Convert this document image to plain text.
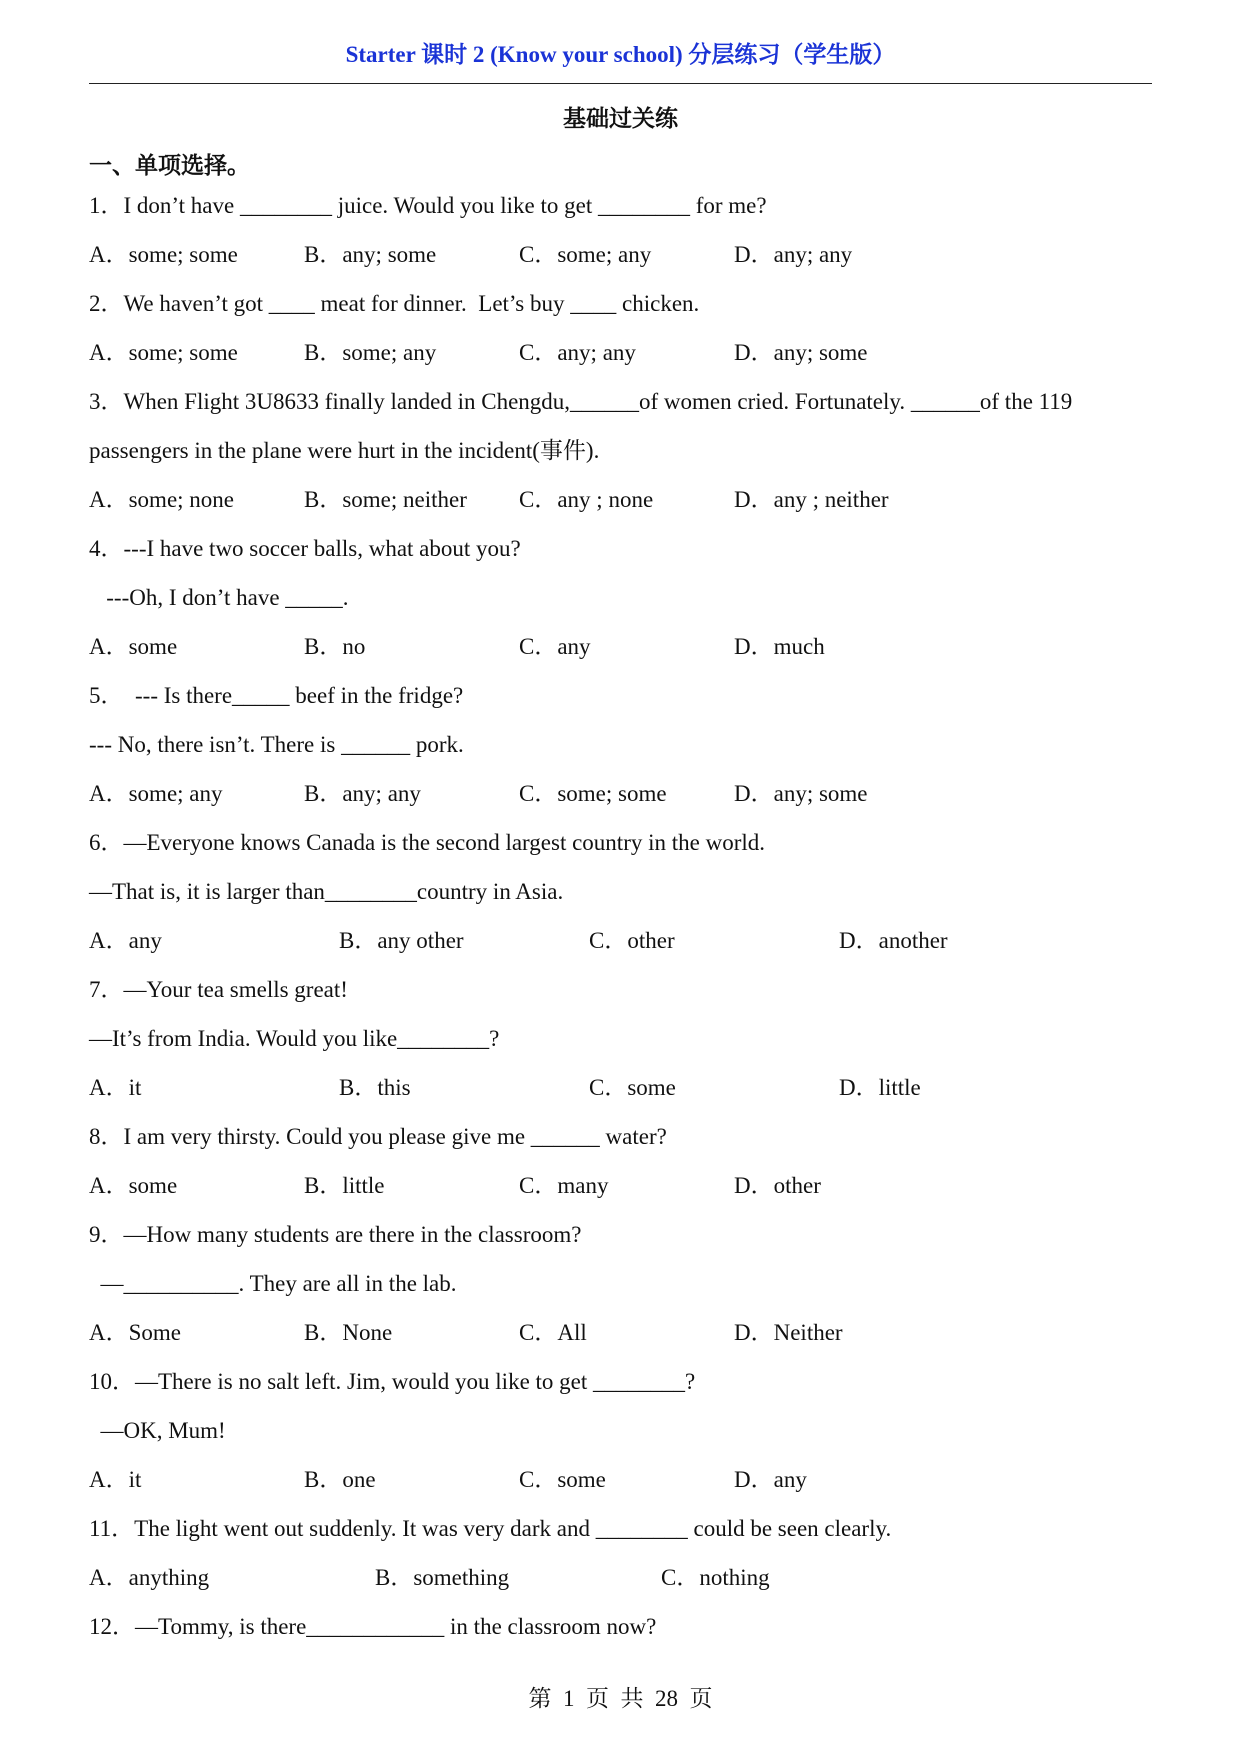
Starter 课时 2 (Know your school) 分层练习（学生版）
基础过关练
一、单项选择。
1．I don’t have ________ juice. Would you like to get ________ for me?
A．some; some	B．any; some	C．some; any	D．any; any
2．We haven’t got ____ meat for dinner.  Let’s buy ____ chicken.
A．some; some	B．some; any	C．any; any	D．any; some
3．When Flight 3U8633 finally landed in Chengdu,______of women cried. Fortunately. ______of the 119
passengers in the plane were hurt in the incident(事件).
A．some; none	B．some; neither C．any ; none	D．any ; neither
4．---I have two soccer balls, what about you?
---Oh, I don’t have _____.
A．some	B．no	C．any	D．much
5．  --- Is there_____ beef in the fridge?
--- No, there isn’t. There is ______ pork.
A．some; any	B．any; any	C．some; some	D．any; some
6．—Everyone knows Canada is the second largest country in the world.
—That is, it is larger than________country in Asia.
A．any	B．any other	C．other	D．another
7．—Your tea smells great!
—It’s from India. Would you like________?
A．it	B．this	C．some	D．little
8．I am very thirsty. Could you please give me ______ water?
A．some	B．little	C．many	D．other
9．—How many students are there in the classroom?
—__________. They are all in the lab.
A．Some	B．None	C．All	D．Neither
10．—There is no salt left. Jim, would you like to get ________?
—OK, Mum!
A．it	B．one	C．some	D．any
11．The light went out suddenly. It was very dark and ________ could be seen clearly.
A．anything	B．something	C．nothing
12．—Tommy, is there____________ in the classroom now?
第  1  页  共  28  页
